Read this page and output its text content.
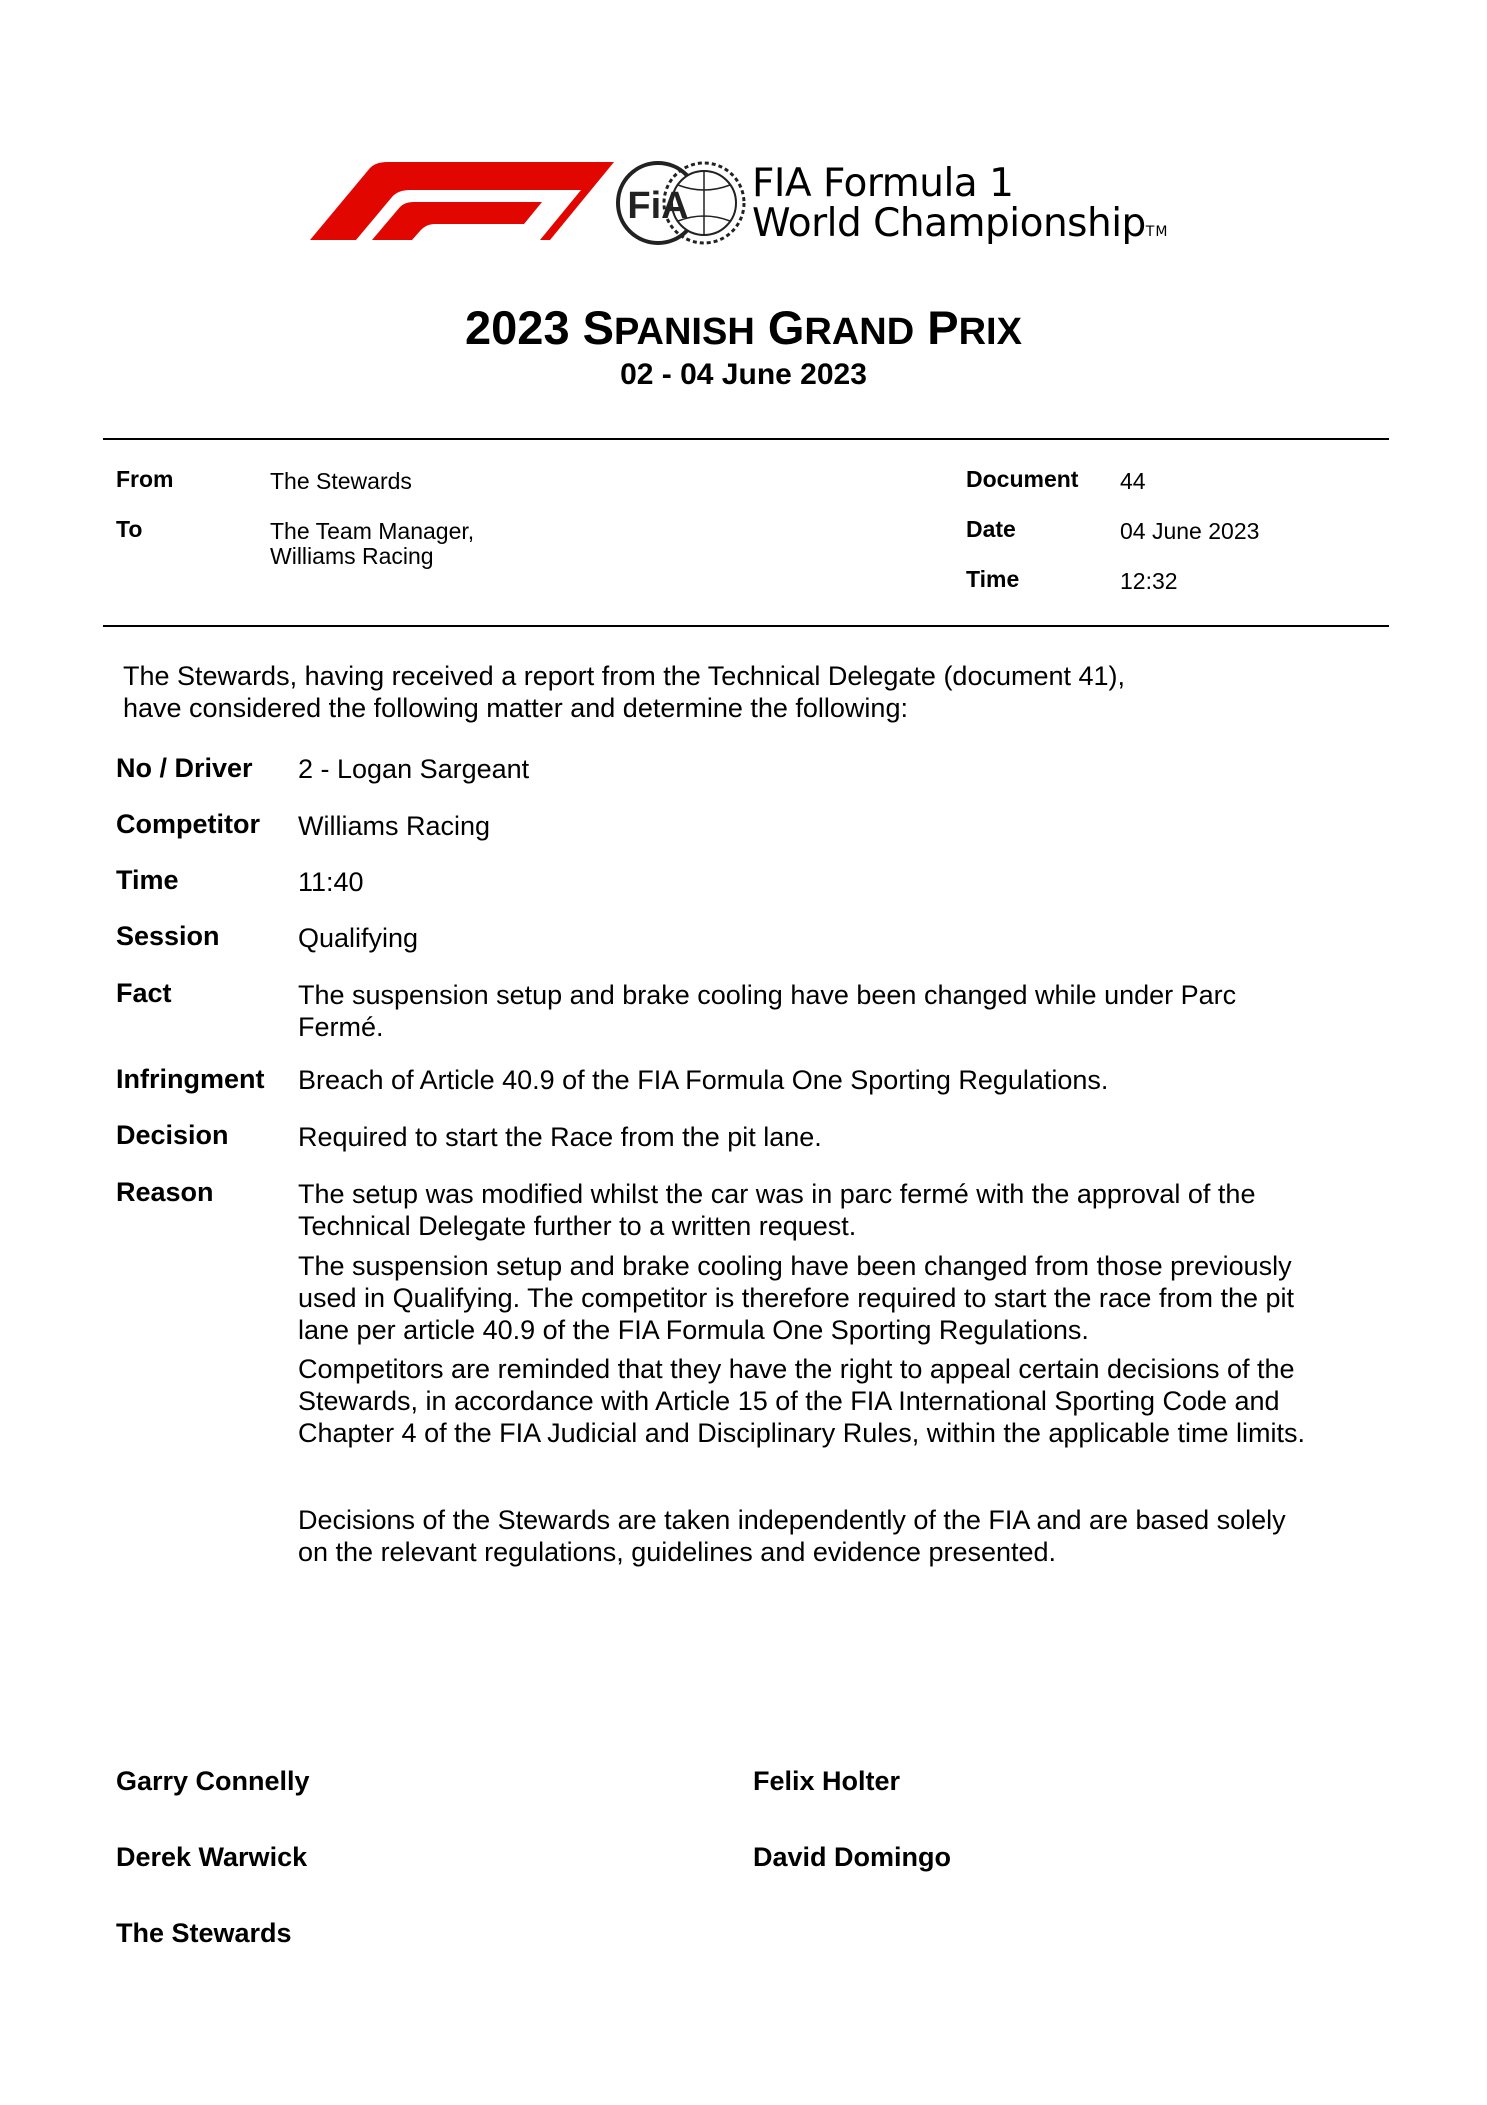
FiA FIA Formula 1
World ChampionshipTM
2023 SPANISH GRAND PRIX
02 - 04 June 2023
From	The Stewards
To	The Team Manager,
Williams Racing
Document 44
Date	04 June 2023
Time	12:32
The Stewards, having received a report from the Technical Delegate (document 41),
have considered the following matter and determine the following:
No / Driver 2 - Logan Sargeant
Competitor Williams Racing
Time	11:40
Session	Qualifying
Fact	The suspension setup and brake cooling have been changed while under Parc
Fermé.
Infringment Breach of Article 40.9 of the FIA Formula One Sporting Regulations.
Decision	Required to start the Race from the pit lane.
Reason	The setup was modified whilst the car was in parc fermé with the approval of the
Technical Delegate further to a written request.
The suspension setup and brake cooling have been changed from those previously
used in Qualifying. The competitor is therefore required to start the race from the pit
lane per article 40.9 of the FIA Formula One Sporting Regulations.
Competitors are reminded that they have the right to appeal certain decisions of the
Stewards, in accordance with Article 15 of the FIA International Sporting Code and
Chapter 4 of the FIA Judicial and Disciplinary Rules, within the applicable time limits.
Decisions of the Stewards are taken independently of the FIA and are based solely
on the relevant regulations, guidelines and evidence presented.
Garry Connelly	Felix Holter
Derek Warwick	David Domingo
The Stewards
